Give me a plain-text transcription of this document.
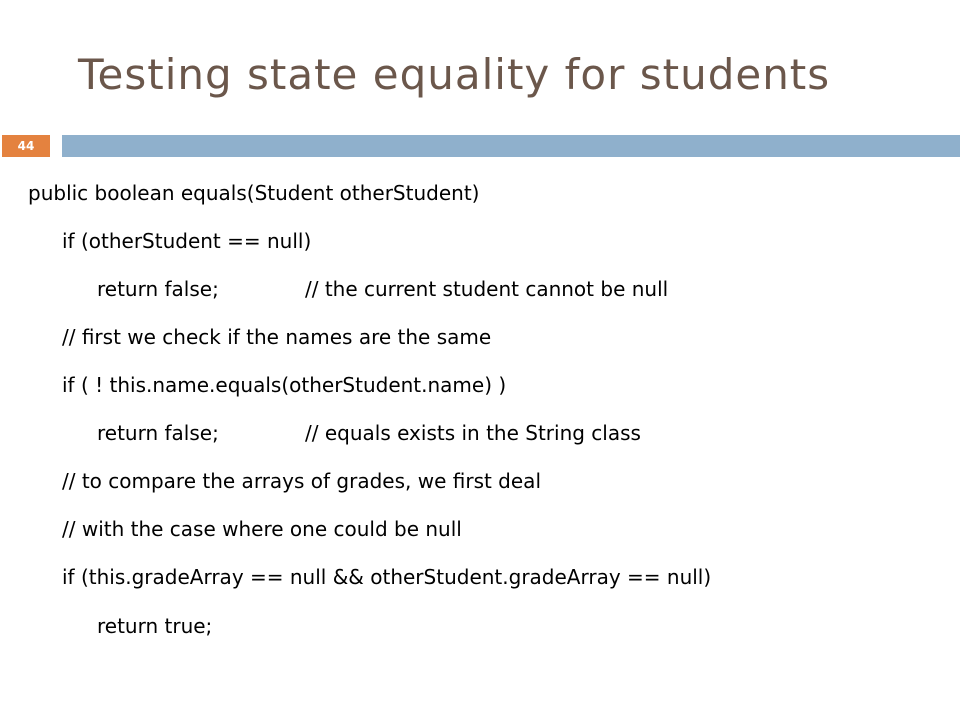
Testing state equality for students
44
public boolean equals(Student otherStudent)
if (otherStudent == null)
return false;	// the current student cannot be null
// first we check if the names are the same
if ( ! this.name.equals(otherStudent.name) )
return false;	// equals exists in the String class
// to compare the arrays of grades, we first deal
// with the case where one could be null
if (this.gradeArray == null && otherStudent.gradeArray == null)
return true;
